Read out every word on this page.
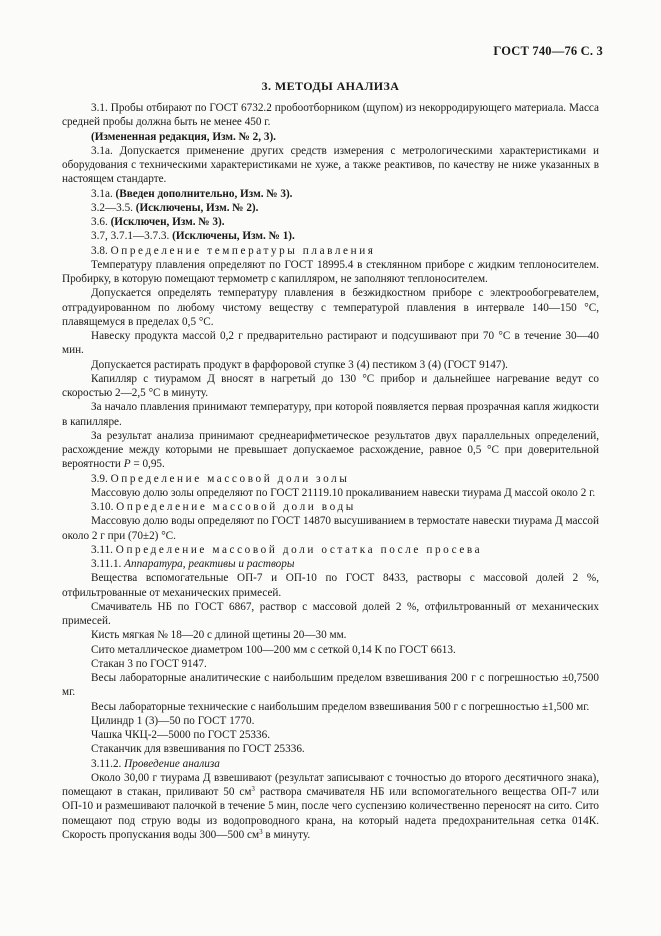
ГОСТ 740—76 С. 3
3. МЕТОДЫ АНАЛИЗА

3.1. Пробы отбирают по ГОСТ 6732.2 пробоотборником (щупом) из некорродирующего материала. Масса средней пробы должна быть не менее 450 г.

(Измененная редакция, Изм. № 2, 3).

3.1а. Допускается применение других средств измерения с метрологическими характеристиками и оборудования с техническими характеристиками не хуже, а также реактивов, по качеству не ниже указанных в настоящем стандарте.

3.1а. (Введен дополнительно, Изм. № 3).

3.2—3.5. (Исключены, Изм. № 2).

3.6. (Исключен, Изм. № 3).

3.7, 3.7.1—3.7.3. (Исключены, Изм. № 1).

3.8. Определение температуры плавления

Температуру плавления определяют по ГОСТ 18995.4 в стеклянном приборе с жидким теплоносителем. Пробирку, в которую помещают термометр с капилляром, не заполняют теплоносителем.

Допускается определять температуру плавления в безжидкостном приборе с электрообогревателем, отградуированном по любому чистому веществу с температурой плавления в интервале 140—150 °С, плавящемуся в пределах 0,5 °С.

Навеску продукта массой 0,2 г предварительно растирают и подсушивают при 70 °С в течение 30—40 мин.

Допускается растирать продукт в фарфоровой ступке 3 (4) пестиком 3 (4) (ГОСТ 9147).

Капилляр с тиурамом Д вносят в нагретый до 130 °С прибор и дальнейшее нагревание ведут со скоростью 2—2,5 °С в минуту.

За начало плавления принимают температуру, при которой появляется первая прозрачная капля жидкости в капилляре.

За результат анализа принимают среднеарифметическое результатов двух параллельных определений, расхождение между которыми не превышает допускаемое расхождение, равное 0,5 °С при доверительной вероятности Р = 0,95.

3.9. Определение массовой доли золы

Массовую долю золы определяют по ГОСТ 21119.10 прокаливанием навески тиурама Д массой около 2 г.

3.10. Определение массовой доли воды

Массовую долю воды определяют по ГОСТ 14870 высушиванием в термостате навески тиурама Д массой около 2 г при (70±2) °С.

3.11. Определение массовой доли остатка после просева

3.11.1. Аппаратура, реактивы и растворы

Вещества вспомогательные ОП-7 и ОП-10 по ГОСТ 8433, растворы с массовой долей 2 %, отфильтрованные от механических примесей.

Смачиватель НБ по ГОСТ 6867, раствор с массовой долей 2 %, отфильтрованный от механических примесей.

Кисть мягкая № 18—20 с длиной щетины 20—30 мм.

Сито металлическое диаметром 100—200 мм с сеткой 0,14 К по ГОСТ 6613.

Стакан 3 по ГОСТ 9147.

Весы лабораторные аналитические с наибольшим пределом взвешивания 200 г с погрешностью ±0,7500 мг.

Весы лабораторные технические с наибольшим пределом взвешивания 500 г с погрешностью ±1,500 мг.

Цилиндр 1 (3)—50 по ГОСТ 1770.

Чашка ЧКЦ-2—5000 по ГОСТ 25336.

Стаканчик для взвешивания по ГОСТ 25336.

3.11.2. Проведение анализа

Около 30,00 г тиурама Д взвешивают (результат записывают с точностью до второго десятичного знака), помещают в стакан, приливают 50 $см^3$ раствора смачивателя НБ или вспомогательного вещества ОП-7 или ОП-10 и размешивают палочкой в течение 5 мин, после чего суспензию количественно переносят на сито. Сито помещают под струю воды из водопроводного крана, на который надета предохранительная сетка 014К. Скорость пропускания воды 300—500 $см^3$ в минуту.
